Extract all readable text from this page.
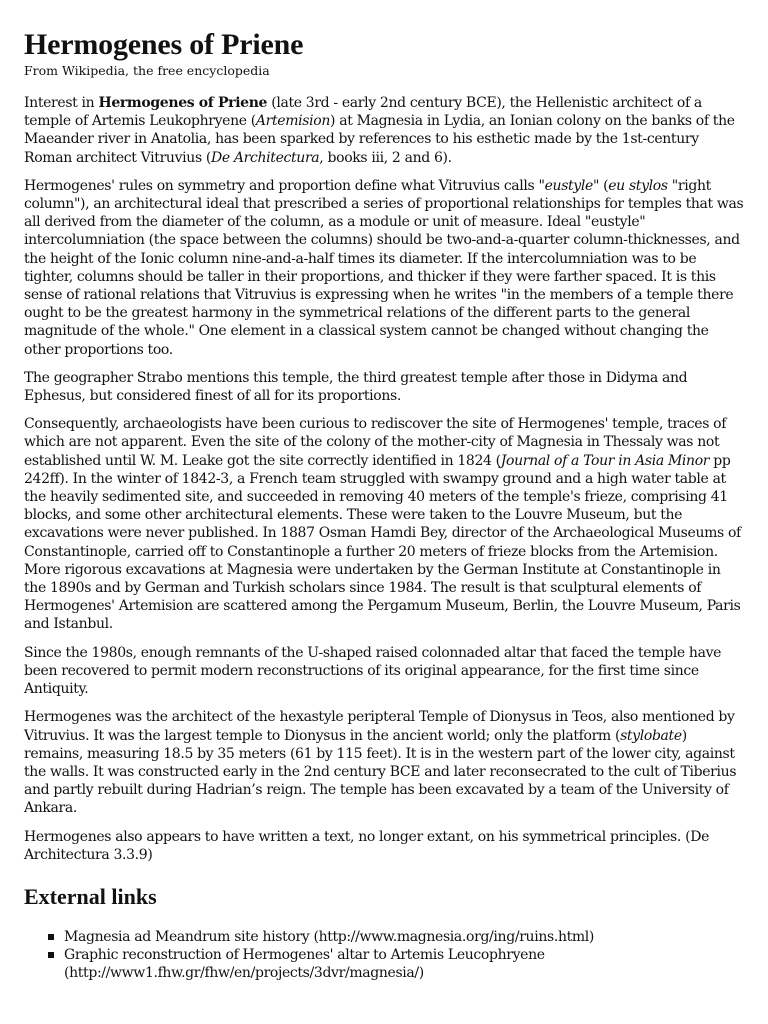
Hermogenes of Priene
From Wikipedia, the free encyclopedia

Interest in Hermogenes of Priene (late 3rd - early 2nd century BCE), the Hellenistic architect of a temple of Artemis Leukophryene (Artemision) at Magnesia in Lydia, an Ionian colony on the banks of the Maeander river in Anatolia, has been sparked by references to his esthetic made by the 1st-century Roman architect Vitruvius (De Architectura, books iii, 2 and 6).

Hermogenes' rules on symmetry and proportion define what Vitruvius calls "eustyle" (eu stylos "right column"), an architectural ideal that prescribed a series of proportional relationships for temples that was all derived from the diameter of the column, as a module or unit of measure. Ideal "eustyle" intercolumniation (the space between the columns) should be two-and-a-quarter column-thicknesses, and the height of the Ionic column nine-and-a-half times its diameter. If the intercolumniation was to be tighter, columns should be taller in their proportions, and thicker if they were farther spaced. It is this sense of rational relations that Vitruvius is expressing when he writes "in the members of a temple there ought to be the greatest harmony in the symmetrical relations of the different parts to the general magnitude of the whole." One element in a classical system cannot be changed without changing the other proportions too.

The geographer Strabo mentions this temple, the third greatest temple after those in Didyma and Ephesus, but considered finest of all for its proportions.

Consequently, archaeologists have been curious to rediscover the site of Hermogenes' temple, traces of which are not apparent. Even the site of the colony of the mother-city of Magnesia in Thessaly was not established until W. M. Leake got the site correctly identified in 1824 (Journal of a Tour in Asia Minor pp 242ff). In the winter of 1842-3, a French team struggled with swampy ground and a high water table at the heavily sedimented site, and succeeded in removing 40 meters of the temple's frieze, comprising 41 blocks, and some other architectural elements. These were taken to the Louvre Museum, but the excavations were never published. In 1887 Osman Hamdi Bey, director of the Archaeological Museums of Constantinople, carried off to Constantinople a further 20 meters of frieze blocks from the Artemision. More rigorous excavations at Magnesia were undertaken by the German Institute at Constantinople in the 1890s and by German and Turkish scholars since 1984. The result is that sculptural elements of Hermogenes' Artemision are scattered among the Pergamum Museum, Berlin, the Louvre Museum, Paris and Istanbul.

Since the 1980s, enough remnants of the U-shaped raised colonnaded altar that faced the temple have been recovered to permit modern reconstructions of its original appearance, for the first time since Antiquity.

Hermogenes was the architect of the hexastyle peripteral Temple of Dionysus in Teos, also mentioned by Vitruvius. It was the largest temple to Dionysus in the ancient world; only the platform (stylobate) remains, measuring 18.5 by 35 meters (61 by 115 feet). It is in the western part of the lower city, against the walls. It was constructed early in the 2nd century BCE and later reconsecrated to the cult of Tiberius and partly rebuilt during Hadrian’s reign. The temple has been excavated by a team of the University of Ankara.

Hermogenes also appears to have written a text, no longer extant, on his symmetrical principles. (De Architectura 3.3.9)

External links
Magnesia ad Meandrum site history (http://www.magnesia.org/ing/ruins.html)
Graphic reconstruction of Hermogenes' altar to Artemis Leucophryene (http://www1.fhw.gr/fhw/en/projects/3dvr/magnesia/)
